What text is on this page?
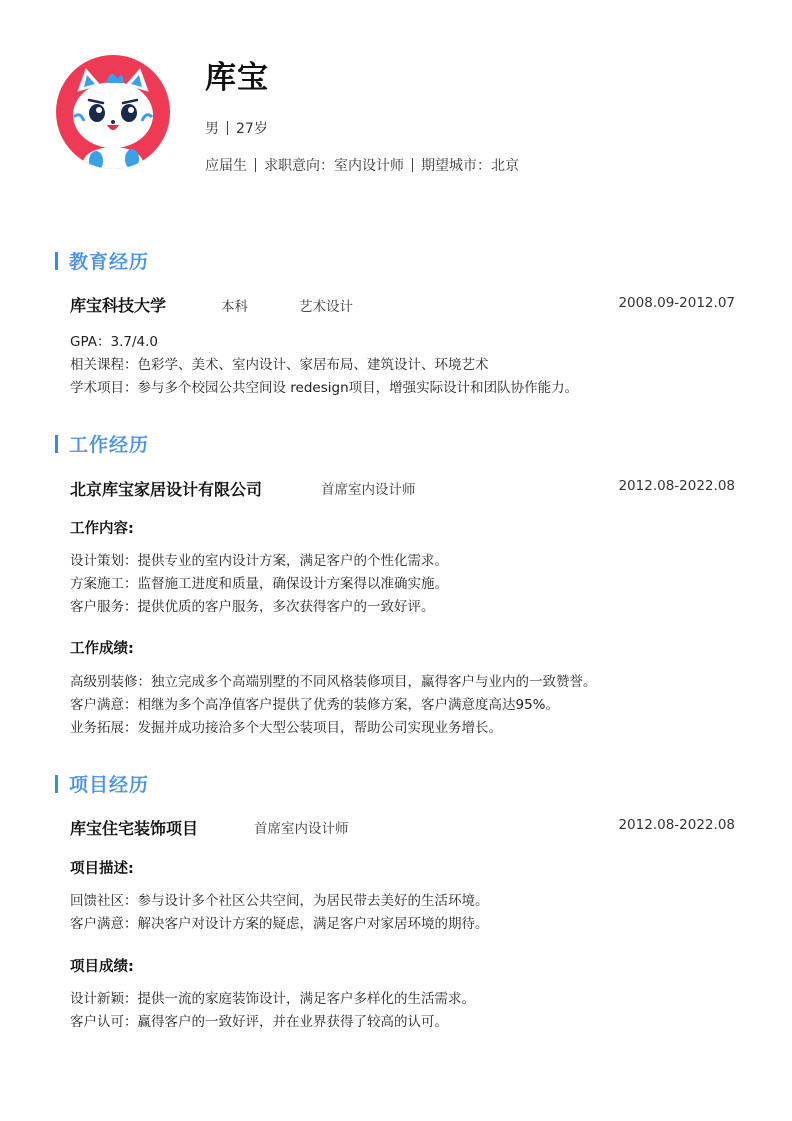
库宝
男 27岁
应届生 求职意向：室内设计师 期望城市：北京
教育经历
库宝科技大学	本科	艺术设计	2008.09-2012.07
GPA：3.7/4.0
相关课程：色彩学、美术、室内设计、家居布局、建筑设计、环境艺术
学术项目：参与多个校园公共空间设 redesign项目，增强实际设计和团队协作能力。
工作经历
北京库宝家居设计有限公司	首席室内设计师	2012.08-2022.08
工作内容:
设计策划：提供专业的室内设计方案，满足客户的个性化需求。
方案施工：监督施工进度和质量，确保设计方案得以准确实施。
客户服务：提供优质的客户服务，多次获得客户的一致好评。
工作成绩:
高级别装修：独立完成多个高端别墅的不同风格装修项目，赢得客户与业内的一致赞誉。
客户满意：相继为多个高净值客户提供了优秀的装修方案，客户满意度高达95%。
业务拓展：发掘并成功接洽多个大型公装项目，帮助公司实现业务增长。
项目经历
库宝住宅装饰项目	首席室内设计师	2012.08-2022.08
项目描述:
回馈社区：参与设计多个社区公共空间，为居民带去美好的生活环境。
客户满意：解决客户对设计方案的疑虑，满足客户对家居环境的期待。
项目成绩:
设计新颖：提供一流的家庭装饰设计，满足客户多样化的生活需求。
客户认可：赢得客户的一致好评，并在业界获得了较高的认可。
